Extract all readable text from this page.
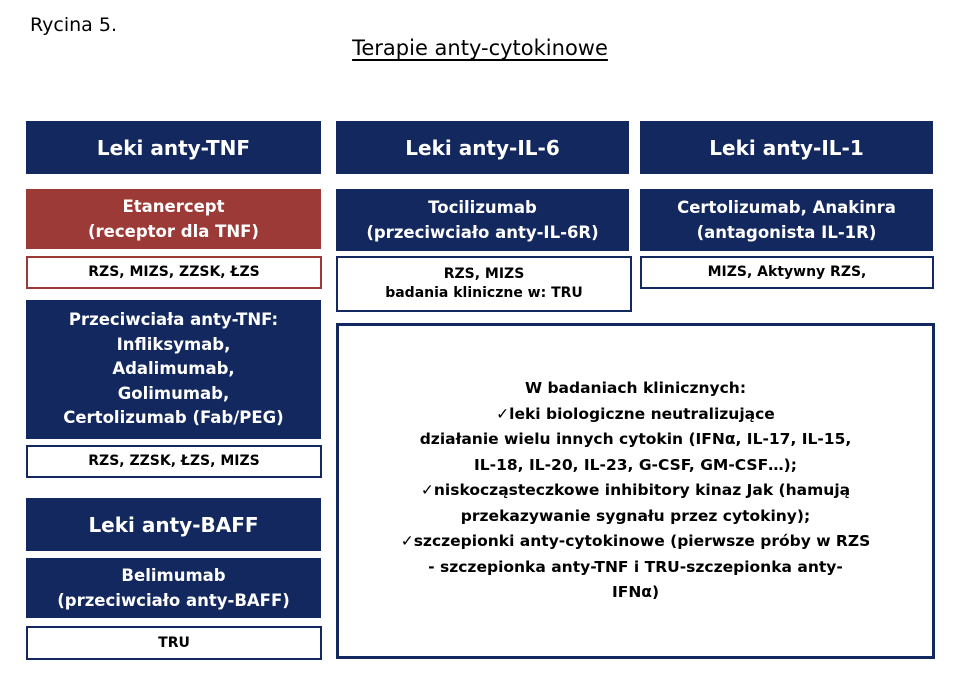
Rycina 5.
Terapie anty-cytokinowe
Leki anty-TNF
Etanercept
(receptor dla TNF)
RZS, MIZS, ZZSK, ŁZS
Przeciwciała anty-TNF:
Infliksymab,
Adalimumab,
Golimumab,
Certolizumab (Fab/PEG)
RZS, ZZSK, ŁZS, MIZS
Leki anty-BAFF
Belimumab
(przeciwciało anty-BAFF)
TRU
Leki anty-IL-6
Tocilizumab
(przeciwciało anty-IL-6R)
RZS, MIZS
badania kliniczne w: TRU
Leki anty-IL-1
Certolizumab, Anakinra
(antagonista IL-1R)
MIZS, Aktywny RZS,
W badaniach klinicznych:
✓leki biologiczne neutralizujące
działanie wielu innych cytokin (IFNα, IL-17, IL-15,
IL-18, IL-20, IL-23, G-CSF, GM-CSF…);
✓niskocząsteczkowe inhibitory kinaz Jak (hamują
przekazywanie sygnału przez cytokiny);
✓szczepionki anty-cytokinowe (pierwsze próby w RZS
- szczepionka anty-TNF i TRU-szczepionka anty-
IFNα)
